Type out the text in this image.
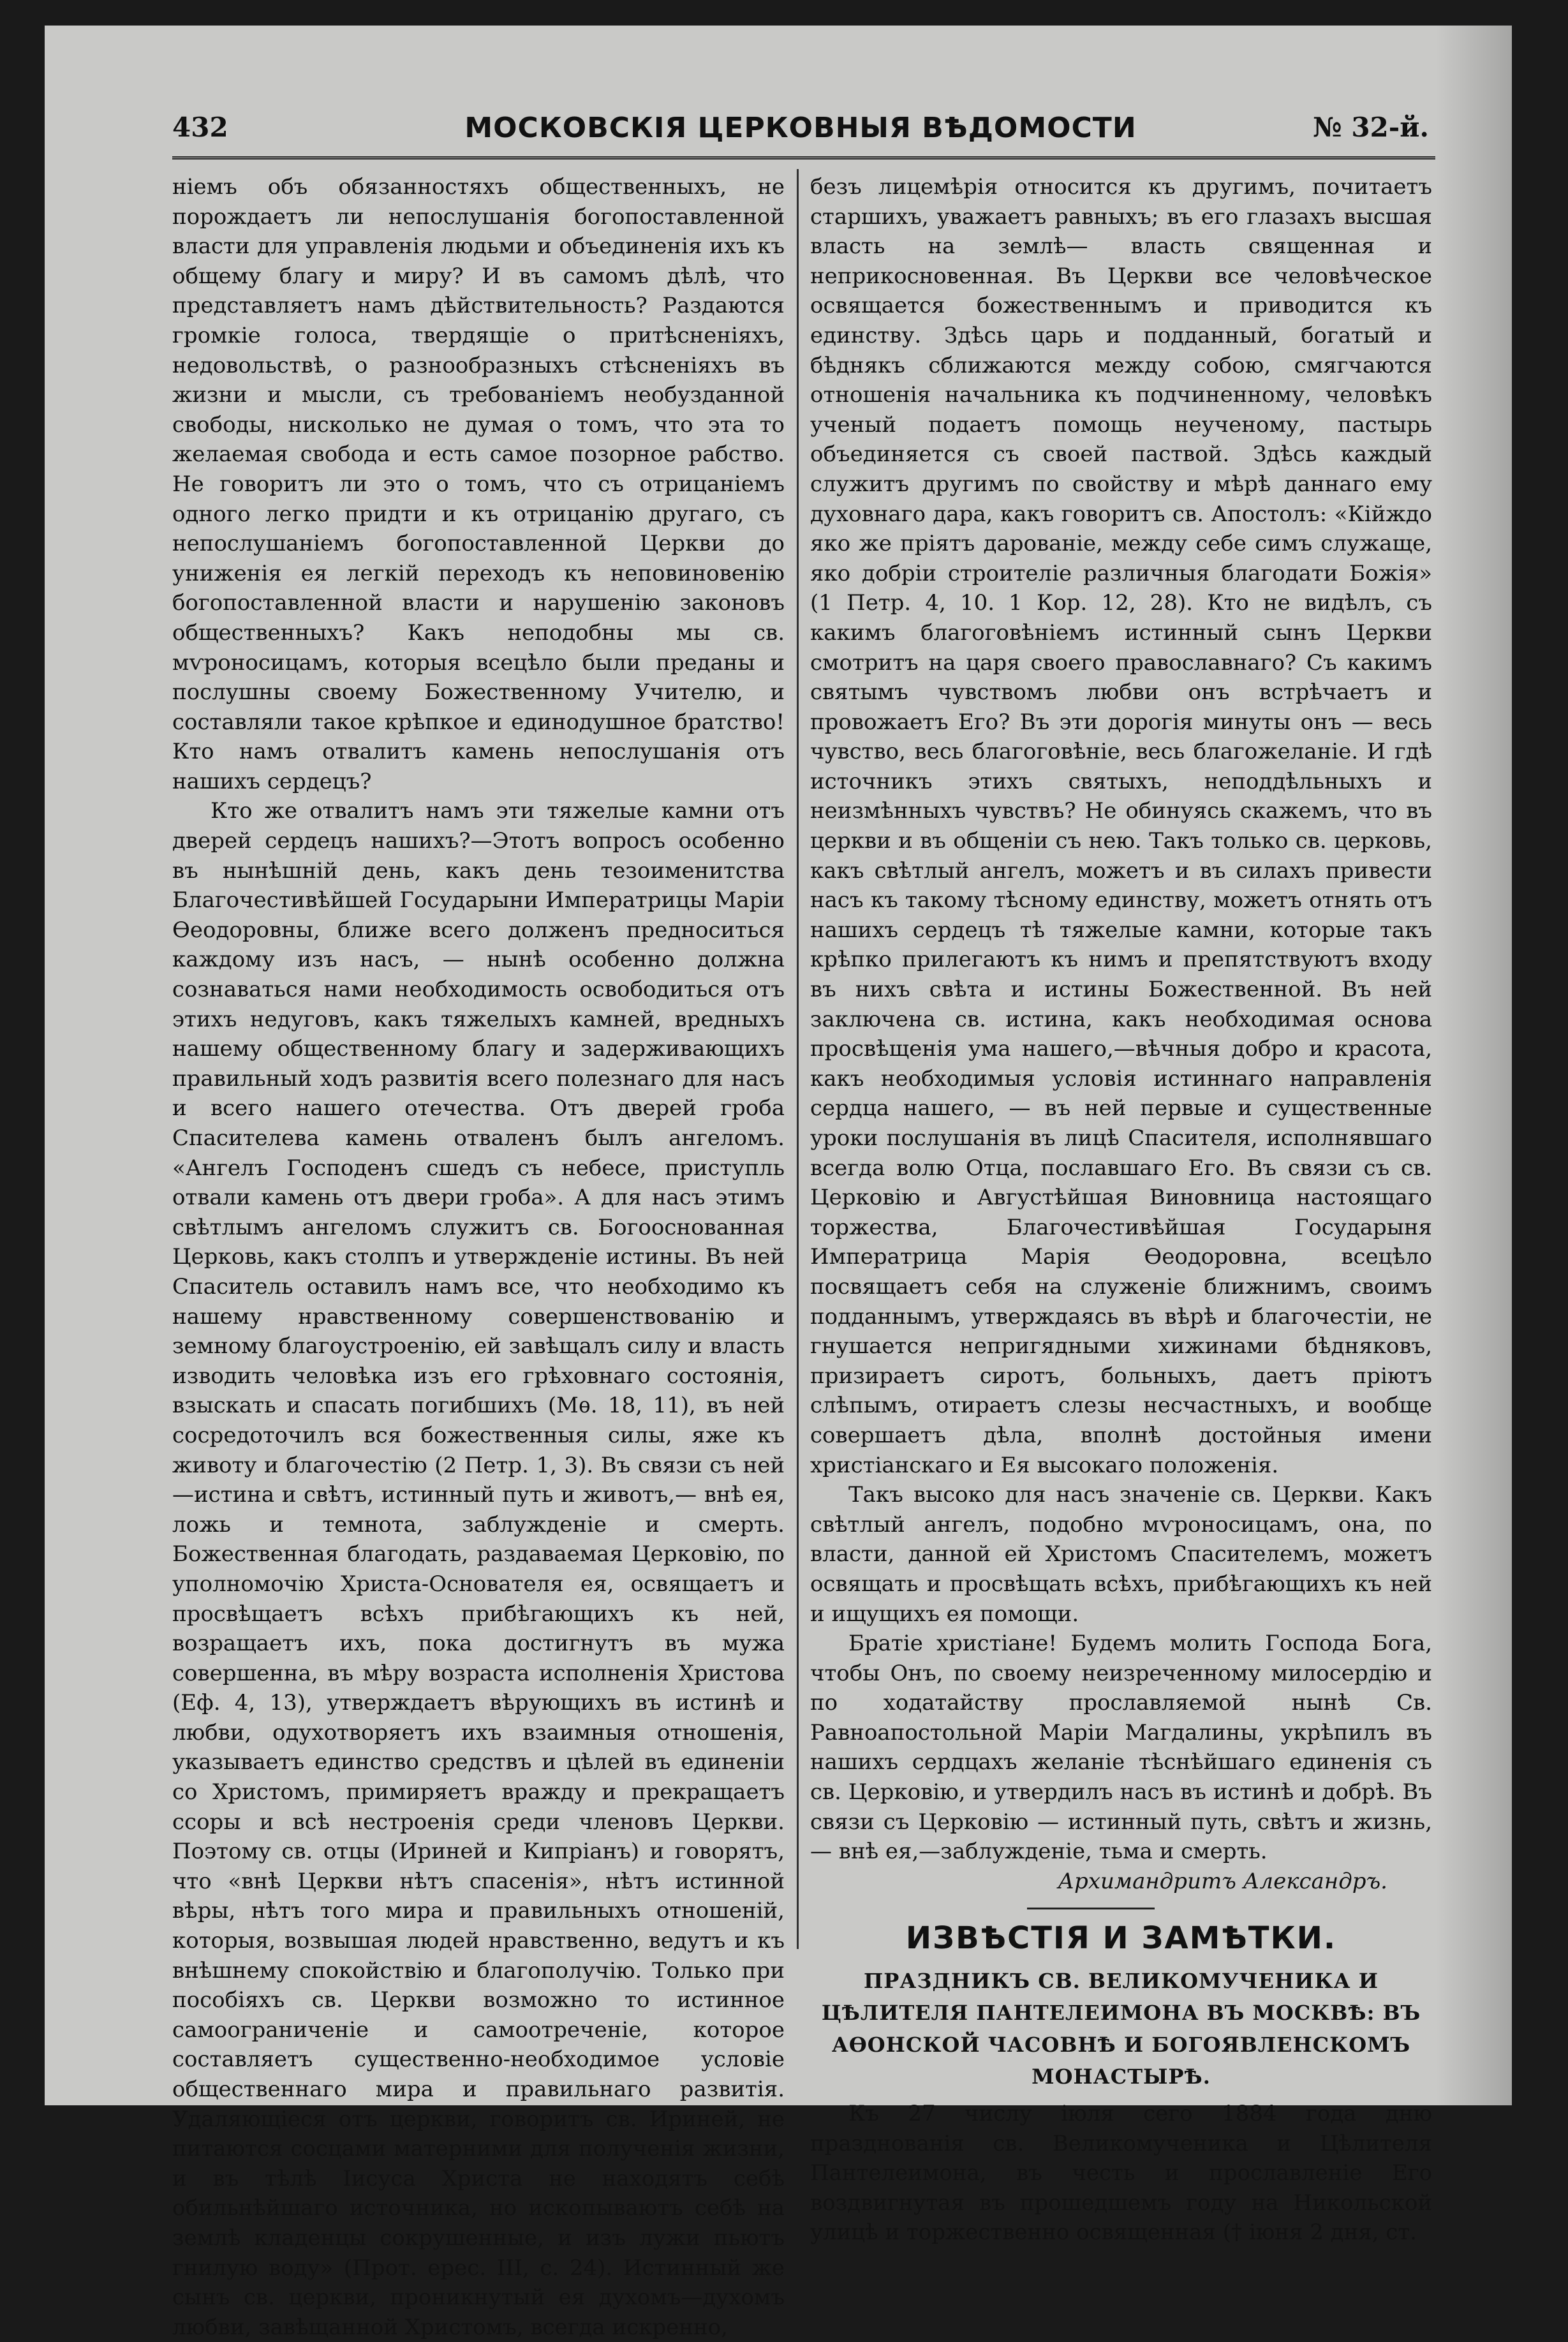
432	МОСКОВСКІЯ ЦЕРКОВНЫЯ ВѢДОМОСТИ	№ 32-й.

ніемъ объ обязанностяхъ общественныхъ, не порождаетъ ли непослушанія богопоставленной власти для управленія людьми и объединенія ихъ къ общему благу и миру? И въ самомъ дѣлѣ, что представляетъ намъ дѣйствительность? Раздаются громкіе голоса, твердящіе о притѣсненіяхъ, недовольствѣ, о разнообразныхъ стѣсненіяхъ въ жизни и мысли, съ требованіемъ необузданной свободы, нисколько не думая о томъ, что эта то желаемая свобода и есть самое позорное рабство. Не говоритъ ли это о томъ, что съ отрицаніемъ одного легко придти и къ отрицанію другаго, съ непослушаніемъ богопоставленной Церкви до униженія ея легкій переходъ къ неповиновенію богопоставленной власти и нарушенію законовъ общественныхъ? Какъ неподобны мы св. мѵроносицамъ, которыя всецѣло были преданы и послушны своему Божественному Учителю, и составляли такое крѣпкое и единодушное братство! Кто намъ отвалитъ камень непослушанія отъ нашихъ сердецъ?

Кто же отвалитъ намъ эти тяжелые камни отъ дверей сердецъ нашихъ?—Этотъ вопросъ особенно въ нынѣшній день, какъ день тезоименитства Благочестивѣйшей Государыни Императрицы Маріи Ѳеодоровны, ближе всего долженъ предноситься каждому изъ насъ, — нынѣ особенно должна сознаваться нами необходимость освободиться отъ этихъ недуговъ, какъ тяжелыхъ камней, вредныхъ нашему общественному благу и задерживающихъ правильный ходъ развитія всего полезнаго для насъ и всего нашего отечества. Отъ дверей гроба Спасителева камень отваленъ былъ ангеломъ. «Ангелъ Господенъ сшедъ съ небесе, приступль отвали камень отъ двери гроба». А для насъ этимъ свѣтлымъ ангеломъ служитъ св. Богооснованная Церковь, какъ столпъ и утвержденіе истины. Въ ней Спаситель оставилъ намъ все, что необходимо къ нашему нравственному совершенствованію и земному благоустроенію, ей завѣщалъ силу и власть изводить человѣка изъ его грѣховнаго состоянія, взыскать и спасать погибшихъ (Мѳ. 18, 11), въ ней сосредоточилъ вся божественныя силы, яже къ животу и благочестію (2 Петр. 1, 3). Въ связи съ ней—истина и свѣтъ, истинный путь и животъ,— внѣ ея, ложь и темнота, заблужденіе и смерть. Божественная благодать, раздаваемая Церковію, по уполномочію Христа-Основателя ея, освящаетъ и просвѣщаетъ всѣхъ прибѣгающихъ къ ней, возращаетъ ихъ, пока достигнутъ въ мужа совершенна, въ мѣру возраста исполненія Христова (Еф. 4, 13), утверждаетъ вѣрующихъ въ истинѣ и любви, одухотворяетъ ихъ взаимныя отношенія, указываетъ единство средствъ и цѣлей въ единеніи со Христомъ, примиряетъ вражду и прекращаетъ ссоры и всѣ нестроенія среди членовъ Церкви. Поэтому св. отцы (Ириней и Кипріанъ) и говорятъ, что «внѣ Церкви нѣтъ спасенія», нѣтъ истинной вѣры, нѣтъ того мира и правильныхъ отношеній, которыя, возвышая людей нравственно, ведутъ и къ внѣшнему спокойствію и благополучію. Только при пособіяхъ св. Церкви возможно то истинное самоограниченіе и самоотреченіе, которое составляетъ существенно-необходимое условіе общественнаго мира и правильнаго развитія. Удаляющіеся отъ церкви, говоритъ св. Ириней, не питаются сосцами матерними для полученія жизни, и въ тѣлѣ Іисуса Христа не находятъ себѣ обильнѣйшаго источника, но ископываютъ себѣ на землѣ кладенцы сокрушенные, и изъ лужи пьютъ гнилую воду» (Прот. ерес. III, с. 24). Истинный же сынъ св. церкви, проникнутый ея духомъ—духомъ любви, завѣщанной Христомъ, всегда искренно,

безъ лицемѣрія относится къ другимъ, почитаетъ старшихъ, уважаетъ равныхъ; въ его глазахъ высшая власть на землѣ— власть священная и неприкосновенная. Въ Церкви все человѣческое освящается божественнымъ и приводится къ единству. Здѣсь царь и подданный, богатый и бѣднякъ сближаются между собою, смягчаются отношенія начальника къ подчиненному, человѣкъ ученый подаетъ помощь неученому, пастырь объединяется съ своей паствой. Здѣсь каждый служитъ другимъ по свойству и мѣрѣ даннаго ему духовнаго дара, какъ говоритъ св. Апостолъ: «Кійждо яко же пріятъ дарованіе, между себе симъ служаще, яко добріи строителіе различныя благодати Божія» (1 Петр. 4, 10. 1 Кор. 12, 28). Кто не видѣлъ, съ какимъ благоговѣніемъ истинный сынъ Церкви смотритъ на царя своего православнаго? Съ какимъ святымъ чувствомъ любви онъ встрѣчаетъ и провожаетъ Его? Въ эти дорогія минуты онъ — весь чувство, весь благоговѣніе, весь благожеланіе. И гдѣ источникъ этихъ святыхъ, неподдѣльныхъ и неизмѣнныхъ чувствъ? Не обинуясь скажемъ, что въ церкви и въ общеніи съ нею. Такъ только св. церковь, какъ свѣтлый ангелъ, можетъ и въ силахъ привести насъ къ такому тѣсному единству, можетъ отнять отъ нашихъ сердецъ тѣ тяжелые камни, которые такъ крѣпко прилегаютъ къ нимъ и препятствуютъ входу въ нихъ свѣта и истины Божественной. Въ ней заключена св. истина, какъ необходимая основа просвѣщенія ума нашего,—вѣчныя добро и красота, какъ необходимыя условія истиннаго направленія сердца нашего, — въ ней первые и существенные уроки послушанія въ лицѣ Спасителя, исполнявшаго всегда волю Отца, пославшаго Его. Въ связи съ св. Церковію и Августѣйшая Виновница настоящаго торжества, Благочестивѣйшая Государыня Императрица Марія Ѳеодоровна, всецѣло посвящаетъ себя на служеніе ближнимъ, своимъ подданнымъ, утверждаясь въ вѣрѣ и благочестіи, не гнушается непригядными хижинами бѣдняковъ, призираетъ сиротъ, больныхъ, даетъ пріютъ слѣпымъ, отираетъ слезы несчастныхъ, и вообще совершаетъ дѣла, вполнѣ достойныя имени христіанскаго и Ея высокаго положенія.

Такъ высоко для насъ значеніе св. Церкви. Какъ свѣтлый ангелъ, подобно мѵроносицамъ, она, по власти, данной ей Христомъ Спасителемъ, можетъ освящать и просвѣщать всѣхъ, прибѣгающихъ къ ней и ищущихъ ея помощи.

Братіе христіане! Будемъ молить Господа Бога, чтобы Онъ, по своему неизреченному милосердію и по ходатайству прославляемой нынѣ Св. Равноапостольной Маріи Магдалины, укрѣпилъ въ нашихъ сердцахъ желаніе тѣснѣйшаго единенія съ св. Церковію, и утвердилъ насъ въ истинѣ и добрѣ. Въ связи съ Церковію — истинный путь, свѣтъ и жизнь, — внѣ ея,—заблужденіе, тьма и смерть.

Архимандритъ Александръ.

ИЗВѢСТІЯ И ЗАМѢТКИ.
ПРАЗДНИКЪ СВ. ВЕЛИКОМУЧЕНИКА И ЦѢЛИТЕЛЯ ПАНТЕЛЕИМОНА ВЪ МОСКВѢ: ВЪ АѲОНСКОЙ ЧАСОВНѢ И БОГОЯВЛЕНСКОМЪ МОНАСТЫРѢ.

Къ 27 числу іюля сего 1884 года дню празднованія св. Великомученика и Цѣлителя Пантелеимона, въ честь и прославленіе Его воздвигнутая въ прошедшемъ году на Никольской улицѣ и торжественно освященная († іюня 2 дня, ст.
